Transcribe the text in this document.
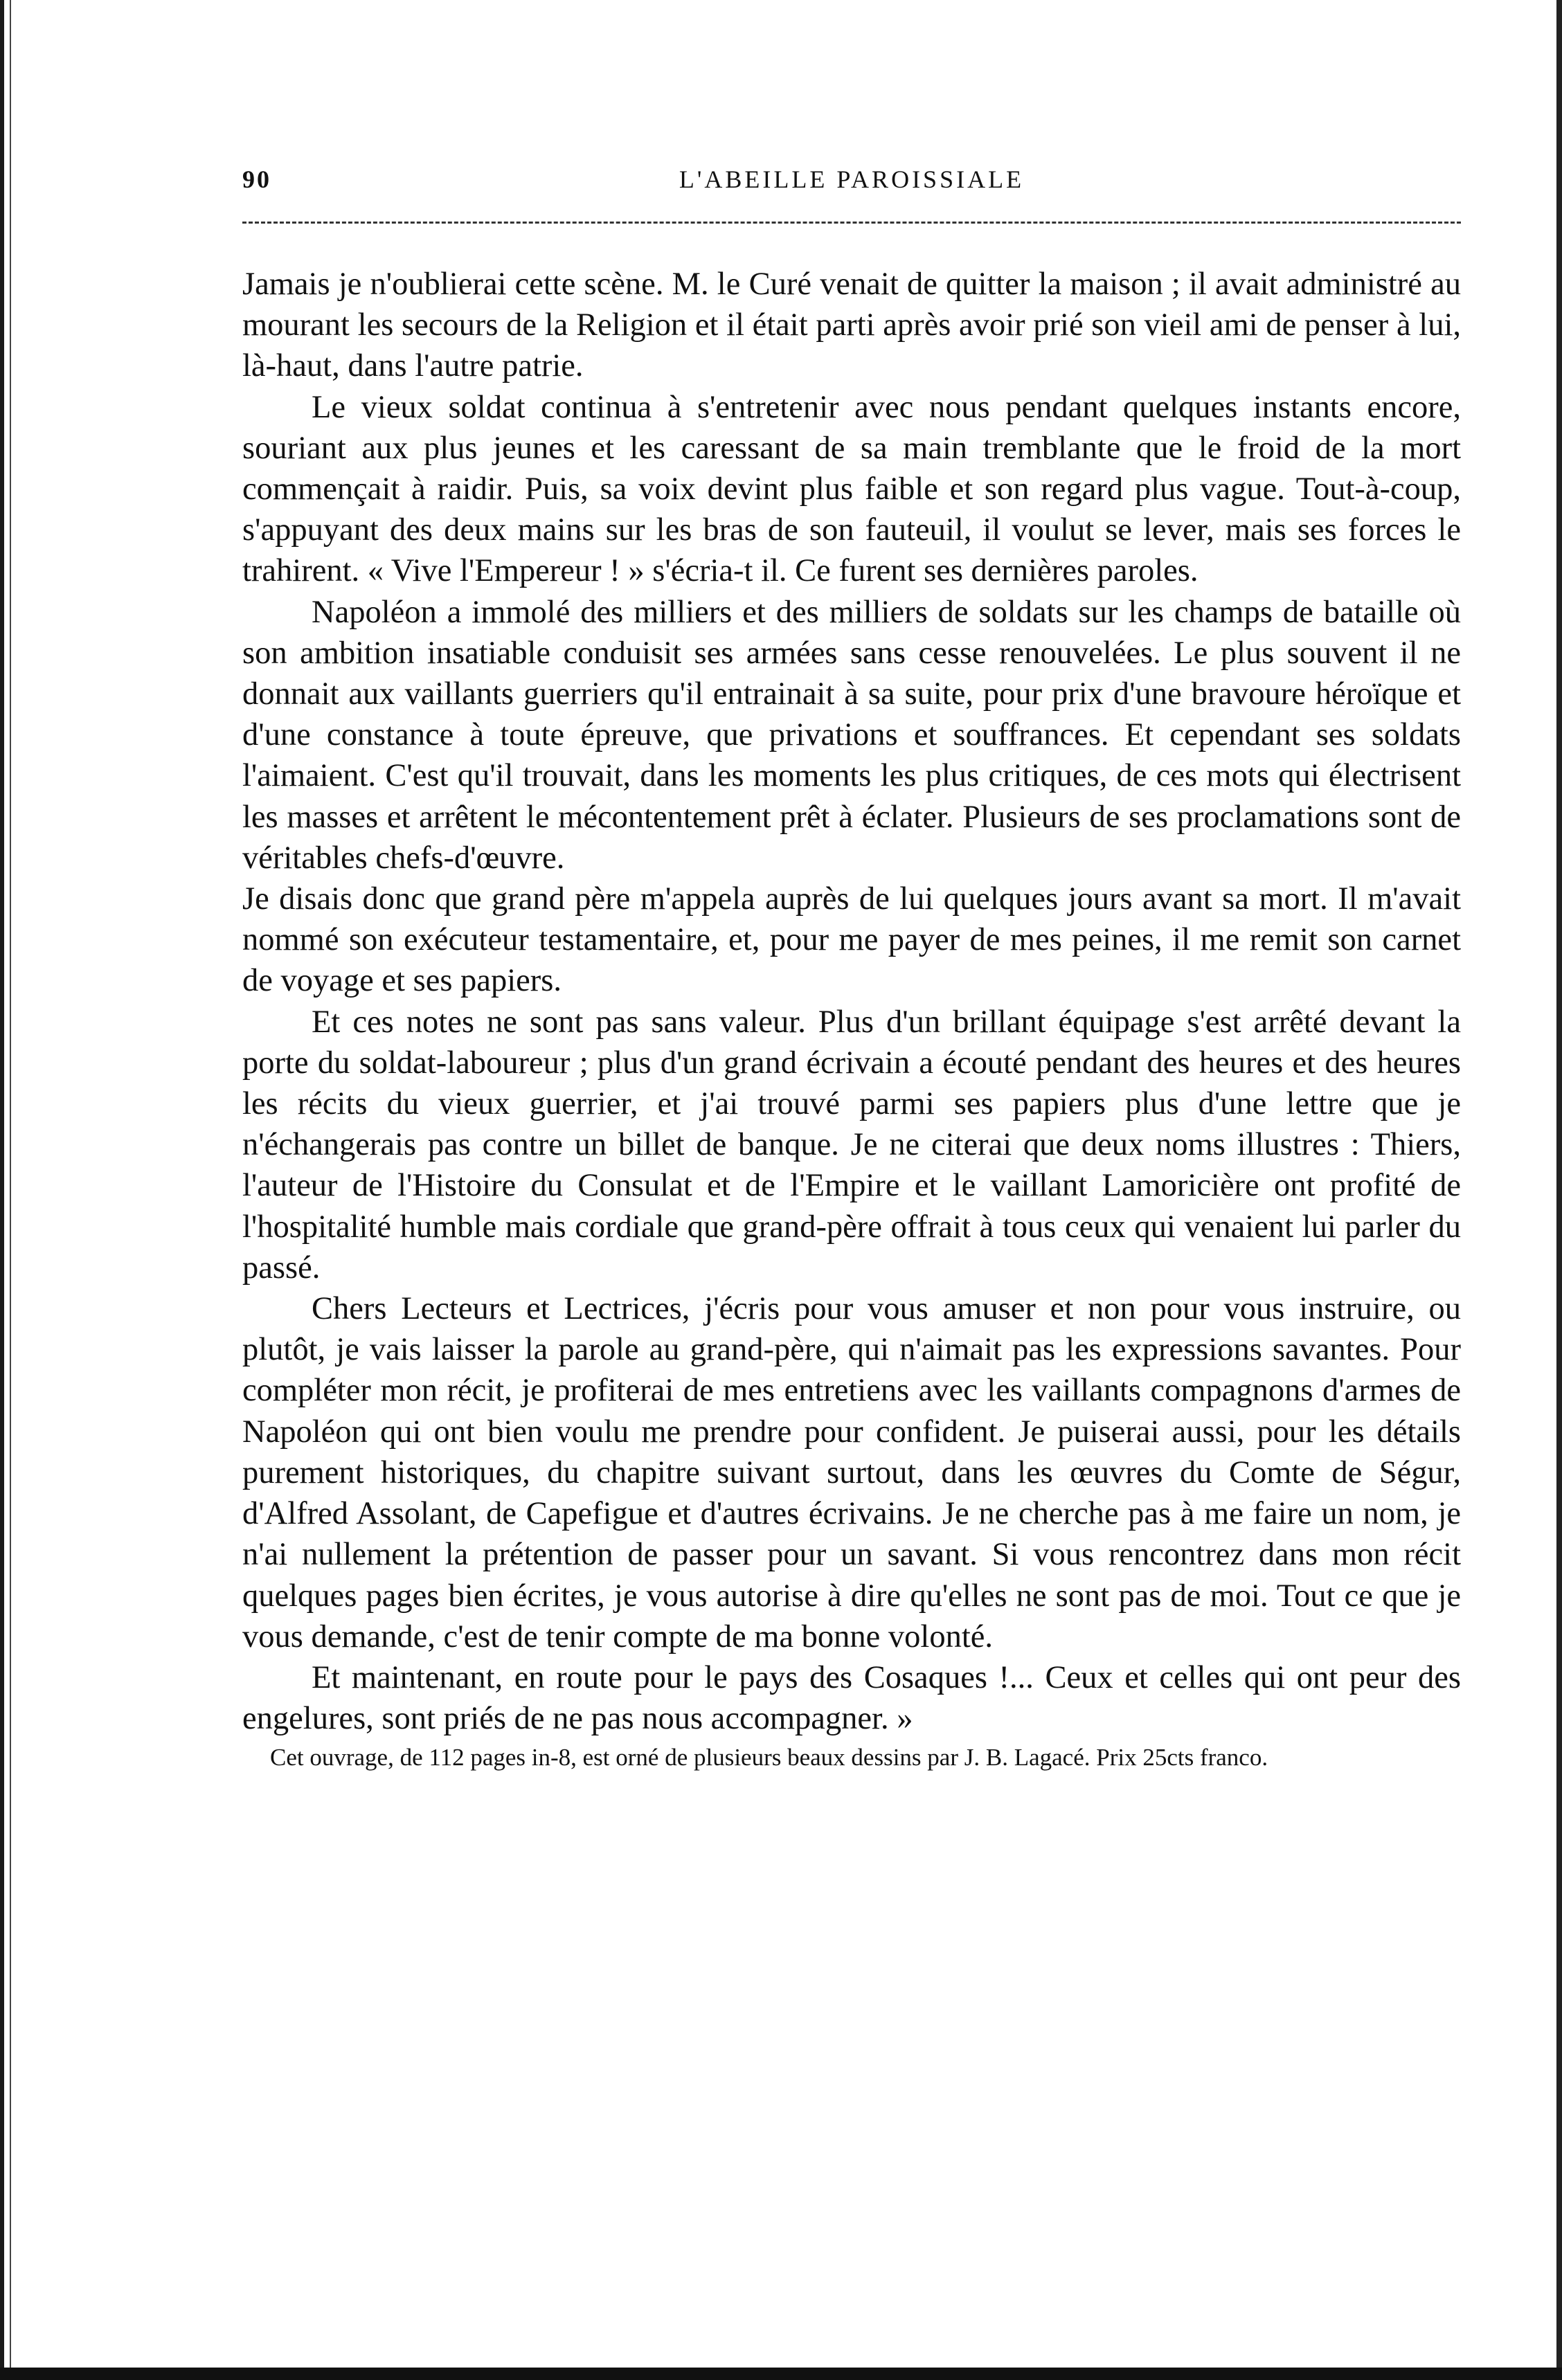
90	L'ABEILLE PAROISSIALE

Jamais je n'oublierai cette scène. M. le Curé venait de quitter la maison ; il avait administré au mourant les secours de la Religion et il était parti après avoir prié son vieil ami de penser à lui, là-haut, dans l'autre patrie.

Le vieux soldat continua à s'entretenir avec nous pendant quelques instants encore, souriant aux plus jeunes et les caressant de sa main tremblante que le froid de la mort commençait à raidir. Puis, sa voix devint plus faible et son regard plus vague. Tout-à-coup, s'appuyant des deux mains sur les bras de son fauteuil, il voulut se lever, mais ses forces le trahirent. « Vive l'Empereur ! » s'écria-t il. Ce furent ses dernières paroles.

Napoléon a immolé des milliers et des milliers de soldats sur les champs de bataille où son ambition insatiable conduisit ses armées sans cesse renouvelées. Le plus souvent il ne donnait aux vaillants guerriers qu'il entrainait à sa suite, pour prix d'une bravoure héroïque et d'une constance à toute épreuve, que privations et souffrances. Et cependant ses soldats l'aimaient. C'est qu'il trouvait, dans les moments les plus critiques, de ces mots qui électrisent les masses et arrêtent le mécontentement prêt à éclater. Plusieurs de ses proclamations sont de véritables chefs-d'œuvre.

Je disais donc que grand père m'appela auprès de lui quelques jours avant sa mort. Il m'avait nommé son exécuteur testamentaire, et, pour me payer de mes peines, il me remit son carnet de voyage et ses papiers.

Et ces notes ne sont pas sans valeur. Plus d'un brillant équipage s'est arrêté devant la porte du soldat-laboureur ; plus d'un grand écrivain a écouté pendant des heures et des heures les récits du vieux guerrier, et j'ai trouvé parmi ses papiers plus d'une lettre que je n'échangerais pas contre un billet de banque. Je ne citerai que deux noms illustres : Thiers, l'auteur de l'Histoire du Consulat et de l'Empire et le vaillant Lamoricière ont profité de l'hospitalité humble mais cordiale que grand-père offrait à tous ceux qui venaient lui parler du passé.

Chers Lecteurs et Lectrices, j'écris pour vous amuser et non pour vous instruire, ou plutôt, je vais laisser la parole au grand-père, qui n'aimait pas les expressions savantes. Pour compléter mon récit, je profiterai de mes entretiens avec les vaillants compagnons d'armes de Napoléon qui ont bien voulu me prendre pour confident. Je puiserai aussi, pour les détails purement historiques, du chapitre suivant surtout, dans les œuvres du Comte de Ségur, d'Alfred Assolant, de Capefigue et d'autres écrivains. Je ne cherche pas à me faire un nom, je n'ai nullement la prétention de passer pour un savant. Si vous rencontrez dans mon récit quelques pages bien écrites, je vous autorise à dire qu'elles ne sont pas de moi. Tout ce que je vous demande, c'est de tenir compte de ma bonne volonté.

Et maintenant, en route pour le pays des Cosaques !... Ceux et celles qui ont peur des engelures, sont priés de ne pas nous accompagner. »

Cet ouvrage, de 112 pages in-8, est orné de plusieurs beaux dessins par J. B. Lagacé. Prix 25cts franco.
